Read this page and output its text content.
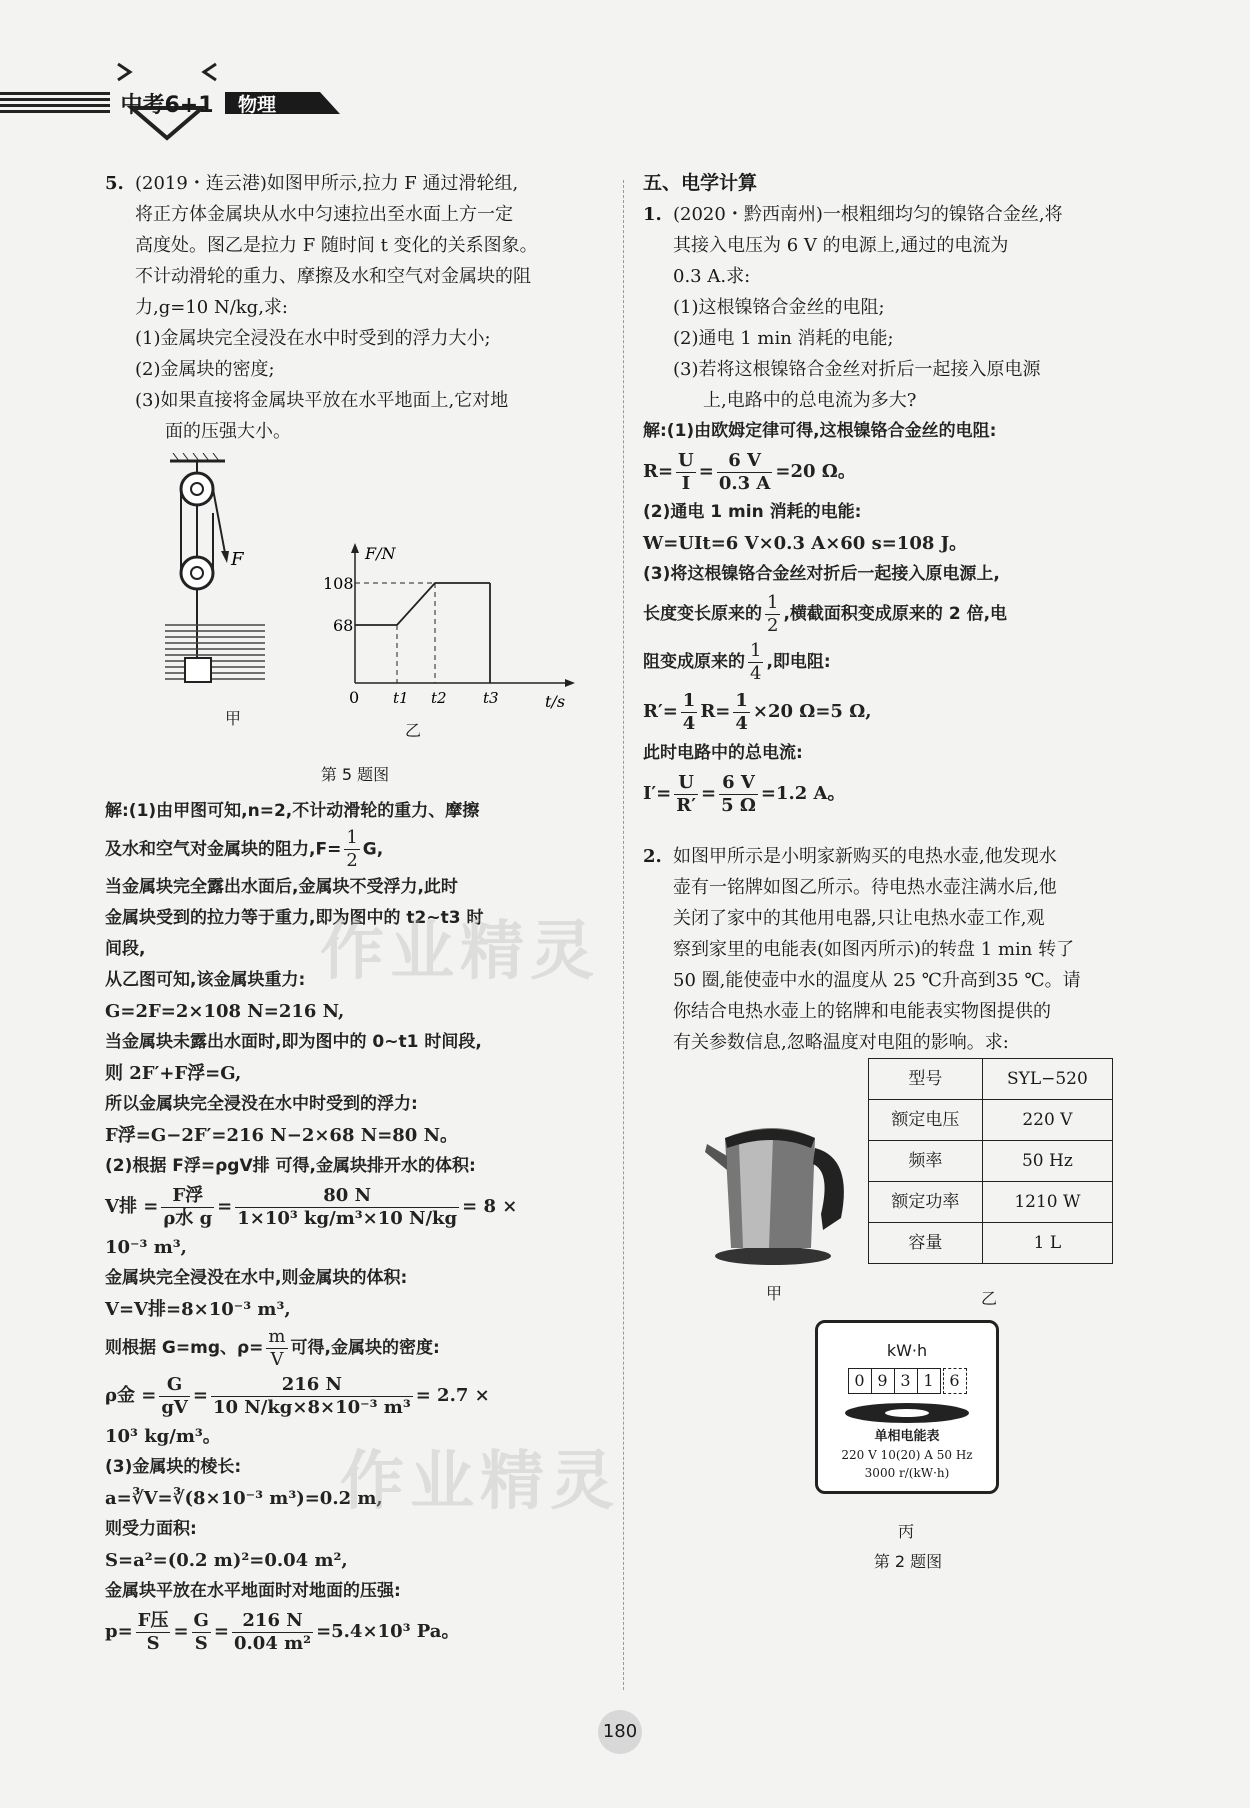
中考6+1	物理
5. (2019・连云港)如图甲所示,拉力 F 通过滑轮组,

将正方体金属块从水中匀速拉出至水面上方一定

高度处。图乙是拉力 F 随时间 t 变化的关系图象。

不计动滑轮的重力、摩擦及水和空气对金属块的阻

力,g=10 N/kg,求:

(1)金属块完全浸没在水中时受到的浮力大小;

(2)金属块的密度;

(3)如果直接将金属块平放在水平地面上,它对地

面的压强大小。

F
甲
F/N
t/s
108
68
0 t1 t2 t3
乙

第 5 题图

解:(1)由甲图可知,n=2,不计动滑轮的重力、摩擦

及水和空气对金属块的阻力$,F= \frac{1}{2} G$,

当金属块完全露出水面后,金属块不受浮力,此时

金属块受到的拉力等于重力,即为图中的 t2~t3 时

间段,

从乙图可知,该金属块重力:

G=2F=2×108 N=216 N,

当金属块未露出水面时,即为图中的 0~t1 时间段,

则 2F′+F浮=G,

所以金属块完全浸没在水中时受到的浮力:

F浮=G−2F′=216 N−2×68 N=80 N。

(2)根据 F浮=ρgV排 可得,金属块排开水的体积:

V排 = $\frac{\text{F浮}}{\text{ρ水 g}} = \frac{80 N}{\text{1×10³ kg/m³×10 N/kg}} = 8$ ×

10⁻³ m³,

金属块完全浸没在水中,则金属块的体积:

V=V排=8×10⁻³ m³,

则根据 G=mg、$\rho= \frac{m}{V}$ 可得,金属块的密度:

ρ金 = $\frac{G}{gV} = \frac{216 N}{\text{10 N/kg×8×10⁻³ m³}} = 2.7$ ×

10³ kg/m³。

(3)金属块的棱长:

a=∛V=∛(8×10⁻³ m³)=0.2 m,

则受力面积:

S=a²=(0.2 m)²=0.04 m²,

金属块平放在水平地面时对地面的压强:

$p= \frac{\text{F压}}{S} = \frac{G}{S} = \frac{216 N}{\text{0.04 m²}} =5.4\times 10^3$ Pa。

五、电学计算

1. (2020・黔西南州)一根粗细均匀的镍铬合金丝,将

其接入电压为 6 V 的电源上,通过的电流为

0.3 A.求:

(1)这根镍铬合金丝的电阻;

(2)通电 1 min 消耗的电能;

(3)若将这根镍铬合金丝对折后一起接入原电源

上,电路中的总电流为多大?

解:(1)由欧姆定律可得,这根镍铬合金丝的电阻:

$R= \frac{U}{I} = \frac{6 V}{0.3 A} =20$ Ω。

(2)通电 1 min 消耗的电能:

W=UIt=6 V×0.3 A×60 s=108 J。

(3)将这根镍铬合金丝对折后一起接入原电源上,

长度变长原来的 $\frac{1}{2}$ ,横截面积变成原来的 2 倍,电

阻变成原来的 $\frac{1}{4}$ ,即电阻:

$R'= \frac{1}{4} R= \frac{1}{4} \times 20$ Ω=5 Ω,

此时电路中的总电流:

$I'= \frac{U}{R'} = \frac{6 V}{5 \Omega} =1.2$ A。

2. 如图甲所示是小明家新购买的电热水壶,他发现水

壶有一铭牌如图乙所示。待电热水壶注满水后,他

关闭了家中的其他用电器,只让电热水壶工作,观

察到家里的电能表(如图丙所示)的转盘 1 min 转了

50 圈,能使壶中水的温度从 25 ℃升高到35 ℃。请

你结合电热水壶上的铭牌和电能表实物图提供的

有关参数信息,忽略温度对电阻的影响。求:

甲
型号	SYL−520
额定电压	220 V
频率	50 Hz
额定功率	1210 W
容量	1 L
乙
kW·h
0 9 3 1 6
单相电能表
220 V 10(20) A 50 Hz
3000 r/(kW·h)
丙
第 2 题图
作业精灵
作业精灵
180
